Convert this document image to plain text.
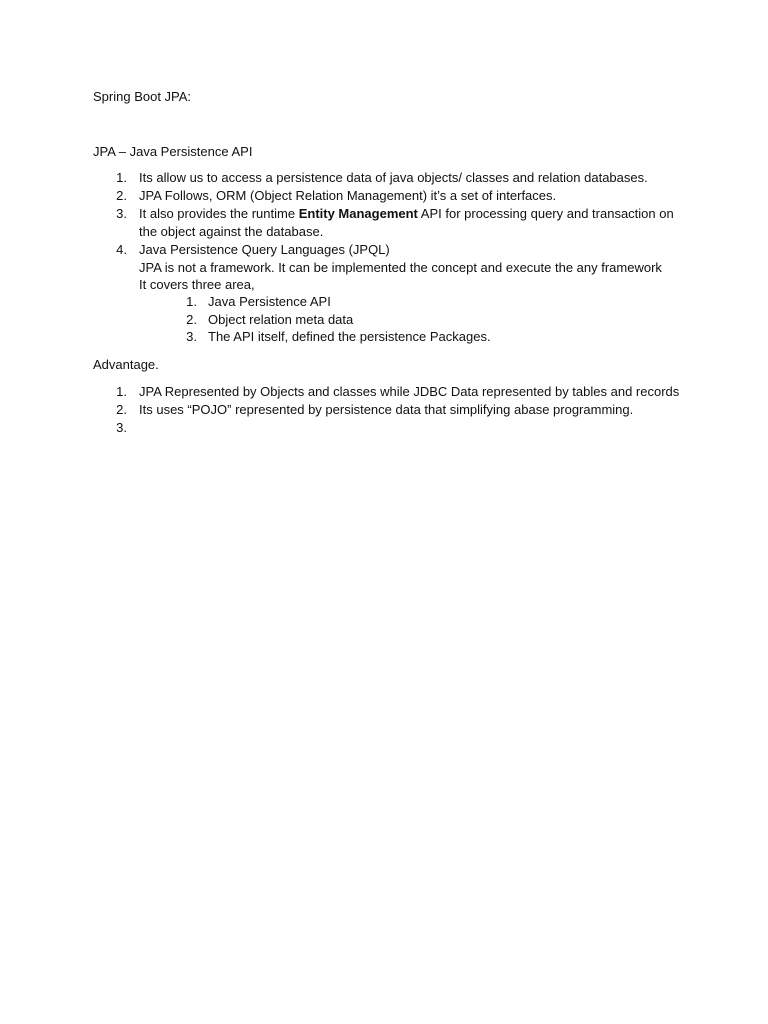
Spring Boot JPA:
JPA – Java Persistence API
1. Its allow us to access a persistence data of java objects/ classes and relation databases.
2. JPA Follows, ORM (Object Relation Management) it’s a set of interfaces.
3. It also provides the runtime Entity Management API for processing query and transaction on
the object against the database.
4. Java Persistence Query Languages (JPQL)
JPA is not a framework. It can be implemented the concept and execute the any framework
It covers three area,
1. Java Persistence API
2. Object relation meta data
3. The API itself, defined the persistence Packages.
Advantage.
1. JPA Represented by Objects and classes while JDBC Data represented by tables and records
2. Its uses “POJO” represented by persistence data that simplifying abase programming.
3.
